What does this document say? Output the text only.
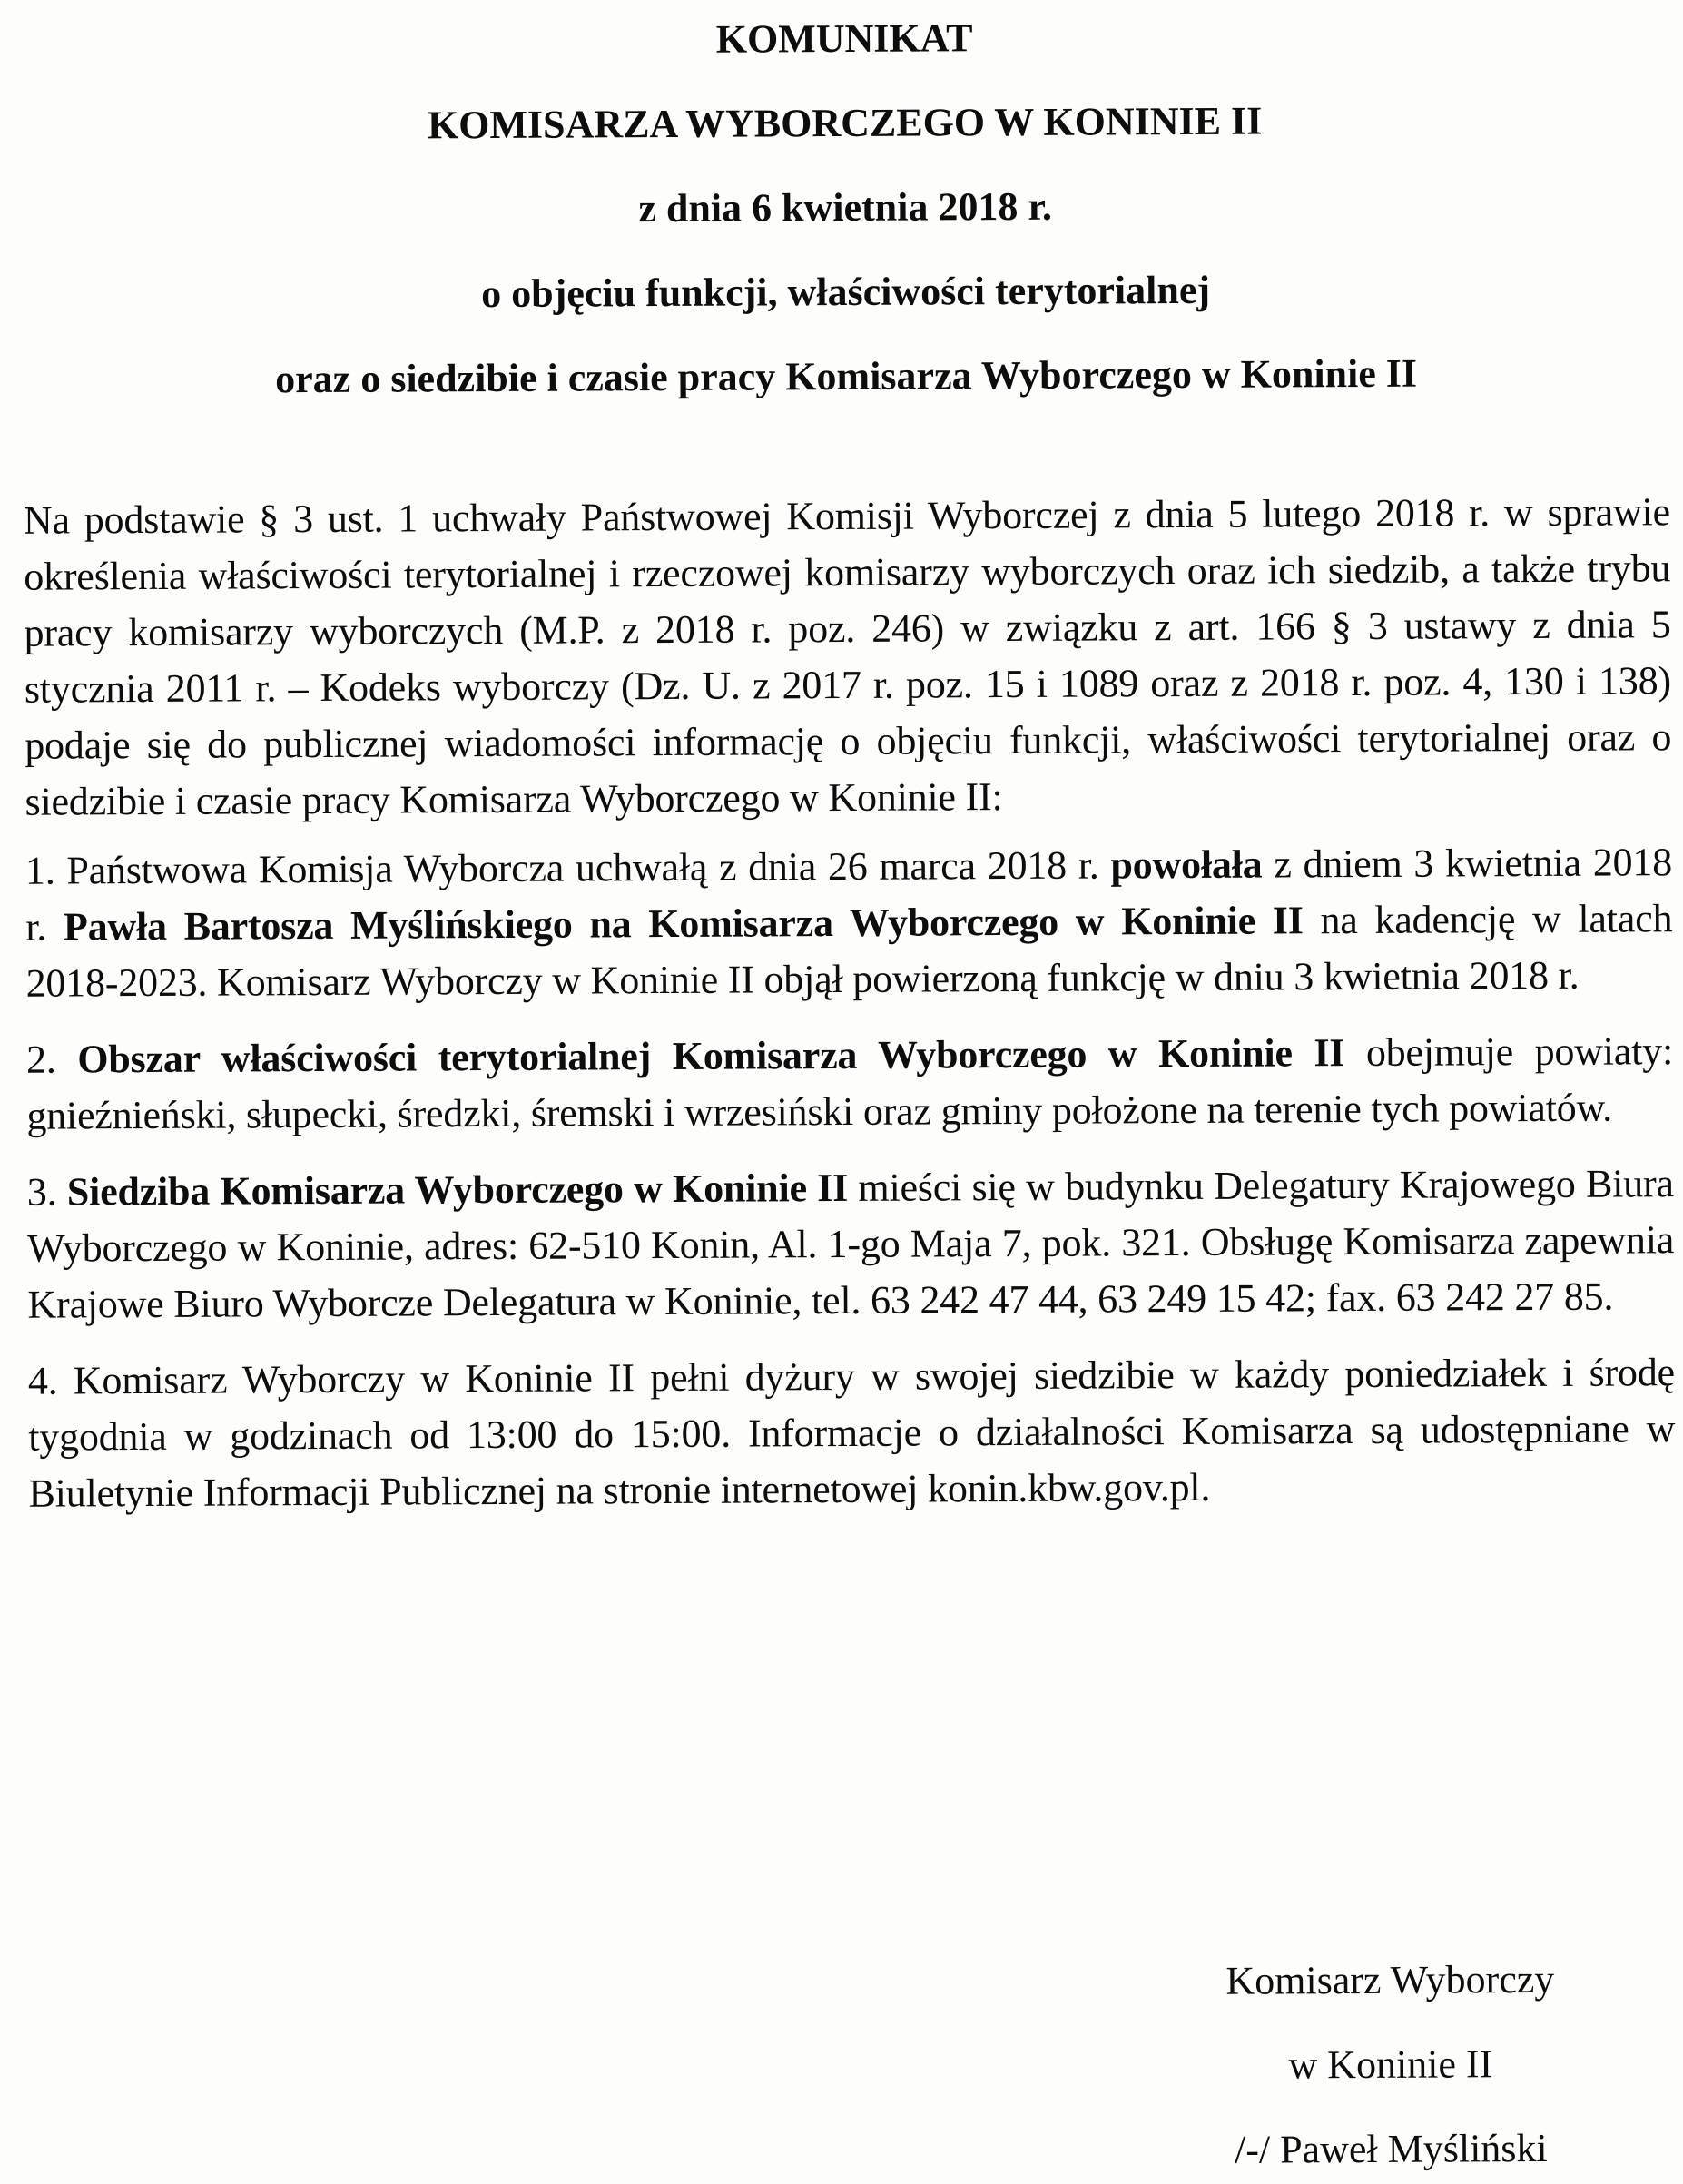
KOMUNIKAT
KOMISARZA WYBORCZEGO W KONINIE II
z dnia 6 kwietnia 2018 r.
o objęciu funkcji, właściwości terytorialnej
oraz o siedzibie i czasie pracy Komisarza Wyborczego w Koninie II

Na podstawie § 3 ust. 1 uchwały Państwowej Komisji Wyborczej z dnia 5 lutego 2018 r. w sprawie określenia właściwości terytorialnej i rzeczowej komisarzy wyborczych oraz ich siedzib, a także trybu pracy komisarzy wyborczych (M.P. z 2018 r. poz. 246) w związku z art. 166 § 3 ustawy z dnia 5 stycznia 2011 r. – Kodeks wyborczy (Dz. U. z 2017 r. poz. 15 i 1089 oraz z 2018 r. poz. 4, 130 i 138) podaje się do publicznej wiadomości informację o objęciu funkcji, właściwości terytorialnej oraz o siedzibie i czasie pracy Komisarza Wyborczego w Koninie II:

1. Państwowa Komisja Wyborcza uchwałą z dnia 26 marca 2018 r. powołała z dniem 3 kwietnia 2018 r. Pawła Bartosza Myślińskiego na Komisarza Wyborczego w Koninie II na kadencję w latach 2018-2023. Komisarz Wyborczy w Koninie II objął powierzoną funkcję w dniu 3 kwietnia 2018 r.

2. Obszar właściwości terytorialnej Komisarza Wyborczego w Koninie II obejmuje powiaty: gnieźnieński, słupecki, średzki, śremski i wrzesiński oraz gminy położone na terenie tych powiatów.

3. Siedziba Komisarza Wyborczego w Koninie II mieści się w budynku Delegatury Krajowego Biura Wyborczego w Koninie, adres: 62-510 Konin, Al. 1-go Maja 7, pok. 321. Obsługę Komisarza zapewnia Krajowe Biuro Wyborcze Delegatura w Koninie, tel. 63 242 47 44, 63 249 15 42; fax. 63 242 27 85.

4. Komisarz Wyborczy w Koninie II pełni dyżury w swojej siedzibie w każdy poniedziałek i środę tygodnia w godzinach od 13:00 do 15:00. Informacje o działalności Komisarza są udostępniane w Biuletynie Informacji Publicznej na stronie internetowej konin.kbw.gov.pl.

Komisarz Wyborczy
w Koninie II
/-/ Paweł Myśliński
